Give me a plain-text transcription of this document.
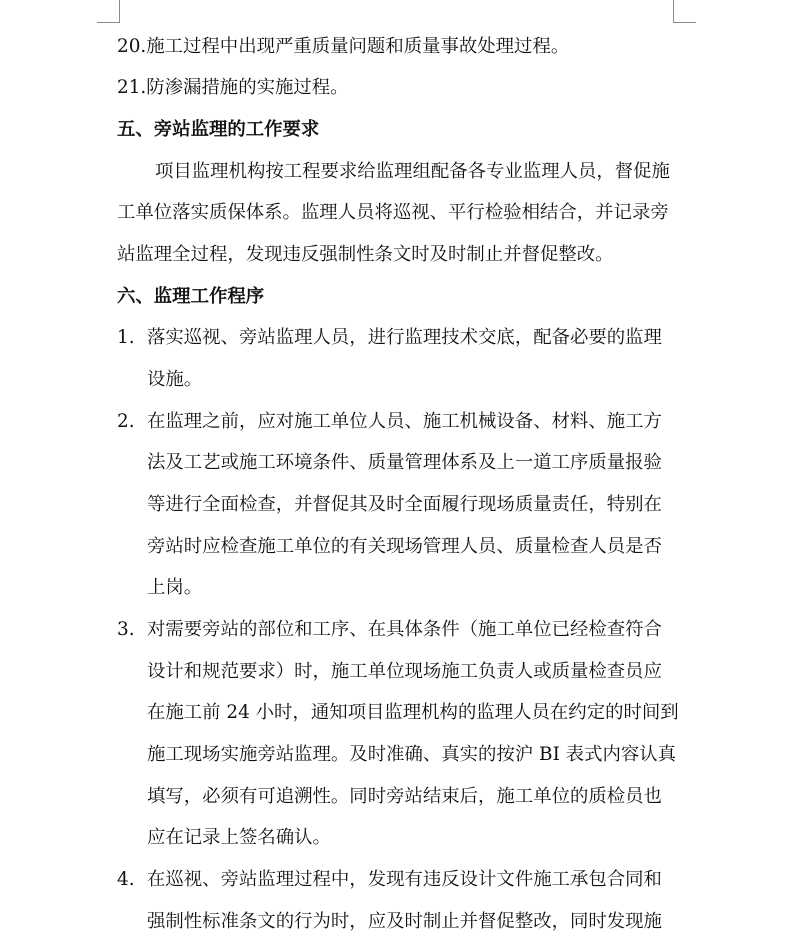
20.施工过程中出现严重质量问题和质量事故处理过程。
21.防渗漏措施的实施过程。
五、旁站监理的工作要求
项目监理机构按工程要求给监理组配备各专业监理人员，督促施
工单位落实质保体系。监理人员将巡视、平行检验相结合，并记录旁
站监理全过程，发现违反强制性条文时及时制止并督促整改。
六、监理工作程序
1. 落实巡视、旁站监理人员，进行监理技术交底，配备必要的监理
设施。
2. 在监理之前，应对施工单位人员、施工机械设备、材料、施工方
法及工艺或施工环境条件、质量管理体系及上一道工序质量报验
等进行全面检查，并督促其及时全面履行现场质量责任，特别在
旁站时应检查施工单位的有关现场管理人员、质量检查人员是否
上岗。
3. 对需要旁站的部位和工序、在具体条件（施工单位已经检查符合
设计和规范要求）时，施工单位现场施工负责人或质量检查员应
在施工前 24 小时，通知项目监理机构的监理人员在约定的时间到
施工现场实施旁站监理。及时准确、真实的按沪 BI 表式内容认真
填写，必须有可追溯性。同时旁站结束后，施工单位的质检员也
应在记录上签名确认。
4. 在巡视、旁站监理过程中，发现有违反设计文件施工承包合同和
强制性标准条文的行为时，应及时制止并督促整改，同时发现施
